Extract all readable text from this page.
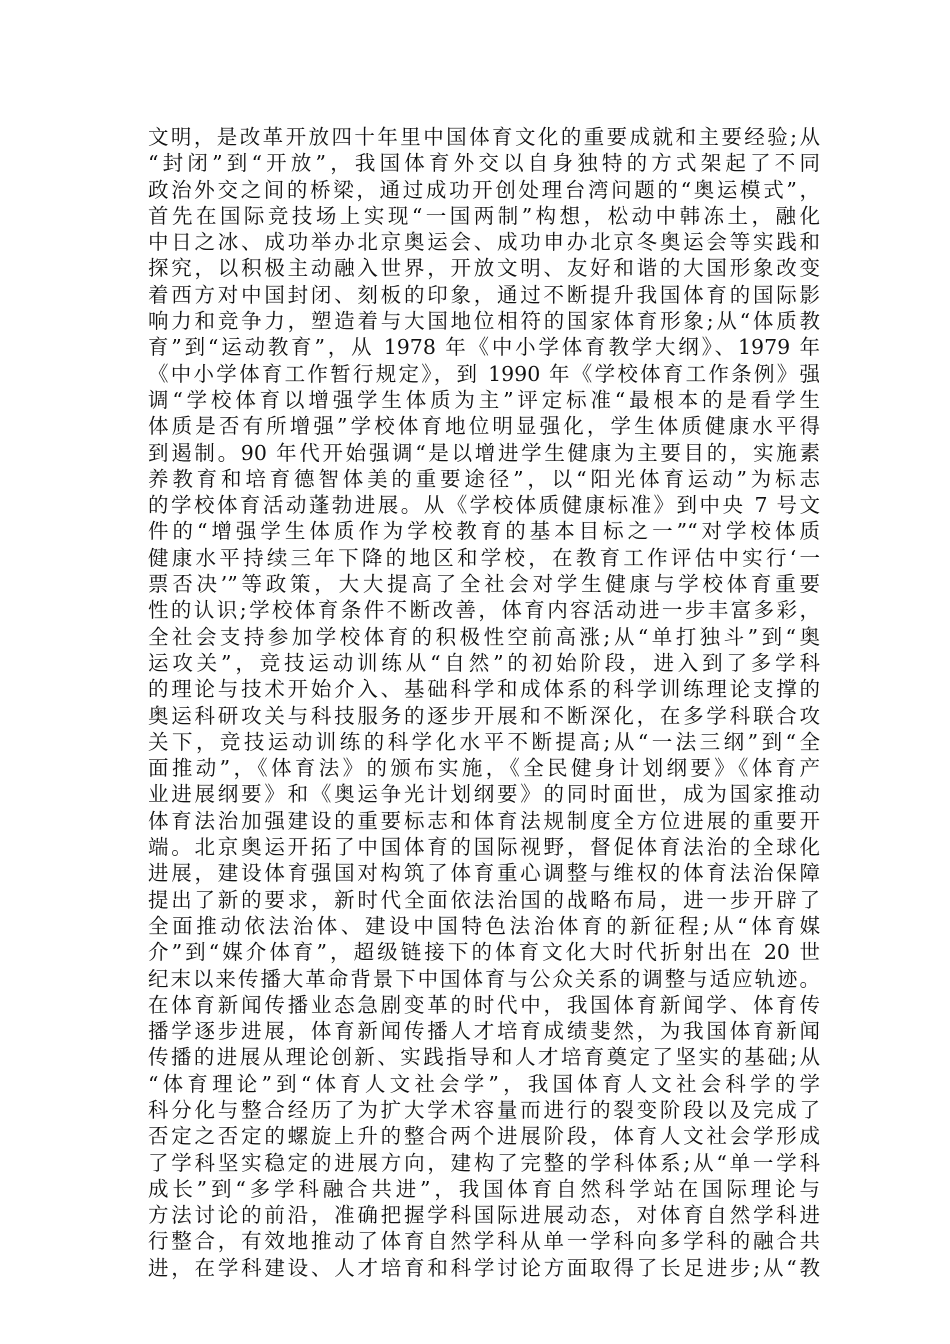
文明，是改革开放四十年里中国体育文化的重要成就和主要经验;从
“封闭”到“开放”，我国体育外交以自身独特的方式架起了不同
政治外交之间的桥梁，通过成功开创处理台湾问题的“奥运模式”，
首先在国际竞技场上实现“一国两制”构想，松动中韩冻土，融化
中日之冰、成功举办北京奥运会、成功申办北京冬奥运会等实践和
探究，以积极主动融入世界，开放文明、友好和谐的大国形象改变
着西方对中国封闭、刻板的印象，通过不断提升我国体育的国际影
响力和竞争力，塑造着与大国地位相符的国家体育形象;从“体质教
育”到“运动教育”，从 1978 年《中小学体育教学大纲》、1979 年
《中小学体育工作暂行规定》，到 1990 年《学校体育工作条例》强
调“学校体育以增强学生体质为主”评定标准“最根本的是看学生
体质是否有所增强”学校体育地位明显强化，学生体质健康水平得
到遏制。90 年代开始强调“是以增进学生健康为主要目的，实施素
养教育和培育德智体美的重要途径”，以“阳光体育运动”为标志
的学校体育活动蓬勃进展。从《学校体质健康标准》到中央 7 号文
件的“增强学生体质作为学校教育的基本目标之一”“对学校体质
健康水平持续三年下降的地区和学校，在教育工作评估中实行‘一
票否决’”等政策，大大提高了全社会对学生健康与学校体育重要
性的认识;学校体育条件不断改善，体育内容活动进一步丰富多彩，
全社会支持参加学校体育的积极性空前高涨;从“单打独斗”到“奥
运攻关”，竞技运动训练从“自然”的初始阶段，进入到了多学科
的理论与技术开始介入、基础科学和成体系的科学训练理论支撑的
奥运科研攻关与科技服务的逐步开展和不断深化，在多学科联合攻
关下，竞技运动训练的科学化水平不断提高;从“一法三纲”到“全
面推动”，《体育法》的颁布实施，《全民健身计划纲要》《体育产
业进展纲要》和《奥运争光计划纲要》的同时面世，成为国家推动
体育法治加强建设的重要标志和体育法规制度全方位进展的重要开
端。北京奥运开拓了中国体育的国际视野，督促体育法治的全球化
进展，建设体育强国对构筑了体育重心调整与维权的体育法治保障
提出了新的要求，新时代全面依法治国的战略布局，进一步开辟了
全面推动依法治体、建设中国特色法治体育的新征程;从“体育媒
介”到“媒介体育”，超级链接下的体育文化大时代折射出在 20 世
纪末以来传播大革命背景下中国体育与公众关系的调整与适应轨迹。
在体育新闻传播业态急剧变革的时代中，我国体育新闻学、体育传
播学逐步进展，体育新闻传播人才培育成绩斐然，为我国体育新闻
传播的进展从理论创新、实践指导和人才培育奠定了坚实的基础;从
“体育理论”到“体育人文社会学”，我国体育人文社会科学的学
科分化与整合经历了为扩大学术容量而进行的裂变阶段以及完成了
否定之否定的螺旋上升的整合两个进展阶段，体育人文社会学形成
了学科坚实稳定的进展方向，建构了完整的学科体系;从“单一学科
成长”到“多学科融合共进”，我国体育自然科学站在国际理论与
方法讨论的前沿，准确把握学科国际进展动态，对体育自然学科进
行整合，有效地推动了体育自然学科从单一学科向多学科的融合共
进，在学科建设、人才培育和科学讨论方面取得了长足进步;从“教
